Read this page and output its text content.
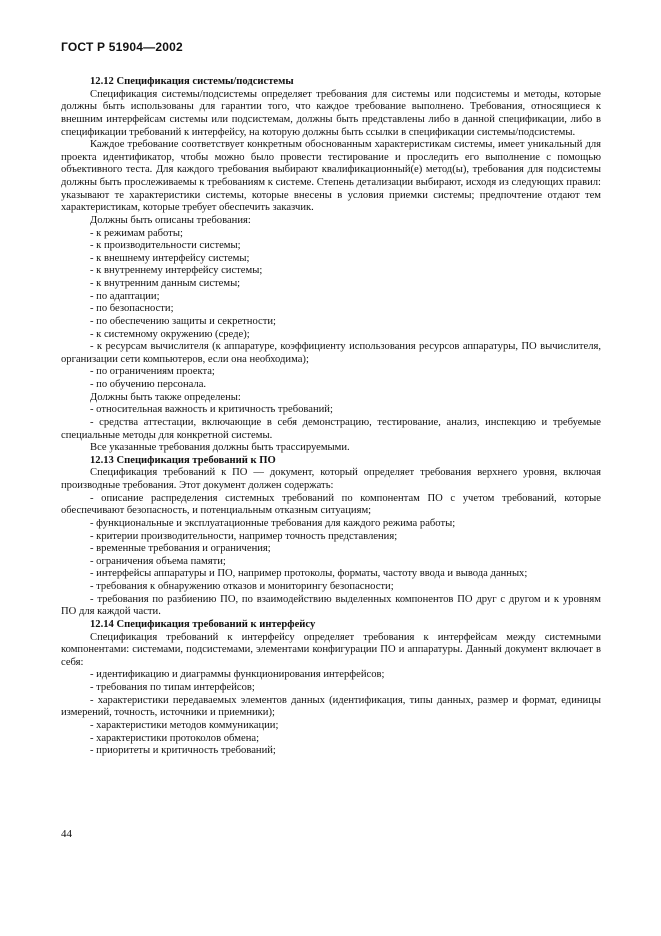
ГОСТ Р 51904—2002

12.12 Спецификация системы/подсистемы

Спецификация системы/подсистемы определяет требования для системы или подсистемы и методы, которые должны быть использованы для гарантии того, что каждое требование выполнено. Требования, относящиеся к внешним интерфейсам системы или подсистемам, должны быть представлены либо в данной спецификации, либо в спецификации требований к интерфейсу, на которую должны быть ссылки в спецификации системы/подсистемы.

Каждое требование соответствует конкретным обоснованным характеристикам системы, имеет уникальный для проекта идентификатор, чтобы можно было провести тестирование и проследить его выполнение с помощью объективного теста. Для каждого требования выбирают квалификационный(е) метод(ы), требования для подсистемы должны быть прослеживаемы к требованиям к системе. Степень детализации выбирают, исходя из следующих правил: указывают те характеристики системы, которые внесены в условия приемки системы; предпочтение отдают тем характеристикам, которые требует обеспечить заказчик.

Должны быть описаны требования:

- к режимам работы;

- к производительности системы;

- к внешнему интерфейсу системы;

- к внутреннему интерфейсу системы;

- к внутренним данным системы;

- по адаптации;

- по безопасности;

- по обеспечению защиты и секретности;

- к системному окружению (среде);

- к ресурсам вычислителя (к аппаратуре, коэффициенту использования ресурсов аппаратуры, ПО вычислителя, организации сети компьютеров, если она необходима);

- по ограничениям проекта;

- по обучению персонала.

Должны быть также определены:

- относительная важность и критичность требований;

- средства аттестации, включающие в себя демонстрацию, тестирование, анализ, инспекцию и требуемые специальные методы для конкретной системы.

Все указанные требования должны быть трассируемыми.

12.13 Спецификация требований к ПО

Спецификация требований к ПО — документ, который определяет требования верхнего уровня, включая производные требования. Этот документ должен содержать:

- описание распределения системных требований по компонентам ПО с учетом требований, которые обеспечивают безопасность, и потенциальным отказным ситуациям;

- функциональные и эксплуатационные требования для каждого режима работы;

- критерии производительности, например точность представления;

- временные требования и ограничения;

- ограничения объема памяти;

- интерфейсы аппаратуры и ПО, например протоколы, форматы, частоту ввода и вывода данных;

- требования к обнаружению отказов и мониторингу безопасности;

- требования по разбиению ПО, по взаимодействию выделенных компонентов ПО друг с другом и к уровням ПО для каждой части.

12.14 Спецификация требований к интерфейсу

Спецификация требований к интерфейсу определяет требования к интерфейсам между системными компонентами: системами, подсистемами, элементами конфигурации ПО и аппаратуры. Данный документ включает в себя:

- идентификацию и диаграммы функционирования интерфейсов;

- требования по типам интерфейсов;

- характеристики передаваемых элементов данных (идентификация, типы данных, размер и формат, единицы измерений, точность, источники и приемники);

- характеристики методов коммуникации;

- характеристики протоколов обмена;

- приоритеты и критичность требований;

44
